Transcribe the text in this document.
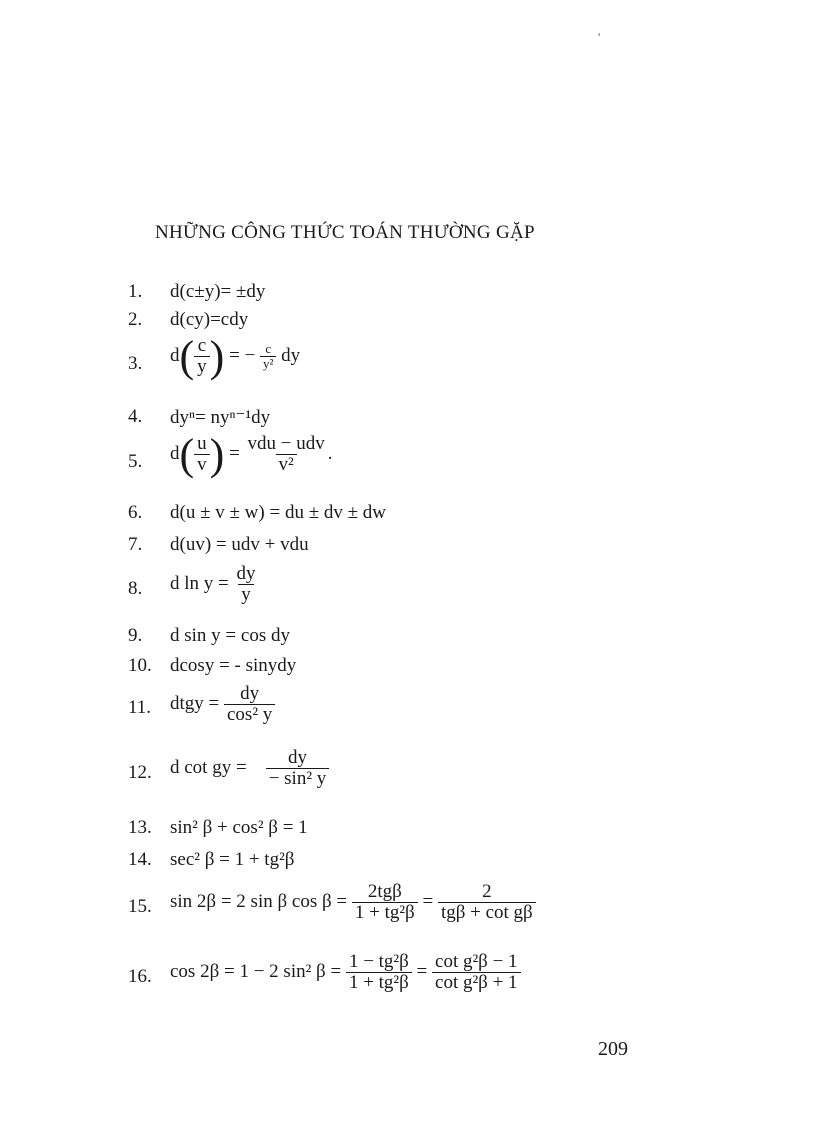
′
NHỮNG CÔNG THỨC TOÁN THƯỜNG GẶP
1.	d(c±y)= ±dy
2.	d(cy)=cdy
3.	$d( \frac{c}{y}$ ) = − $\frac{c}{\text{y²}}$ dy
4.	dyⁿ= nyⁿ⁻¹dy
5.	$d( \frac{u}{v}$ ) = $\frac{\text{vdu − udv}}{\text{v²}}$ .
6.	d(u ± v ± w) = du ± dv ± dw
7.	d(uv) = udv + vdu
8.	d $\ln y = \frac{dy}{y}$
9.	d sin y = cos dy
10. dcosy = - sinydy
11. dtgy = $\frac{dy}{\text{cos² y}}$
12. d cot gy = $\frac{dy}{\text{− sin² y}}$
13. sin² β + cos² β = 1
14. sec² β = 1 + tg²β
15. sin 2β = 2 sin β $\cos \beta = \frac{\text{2tgβ}}{\text{1 + tg²β}} = \frac{2}{\text{tgβ + cot gβ}}$
16. cos 2β = 1 − 2 sin² $\beta = \frac{\text{1 − tg²β}}{\text{1 + tg²β}} = \frac{\text{cot g²β − 1}}{\text{cot g²β + 1}}$
209
